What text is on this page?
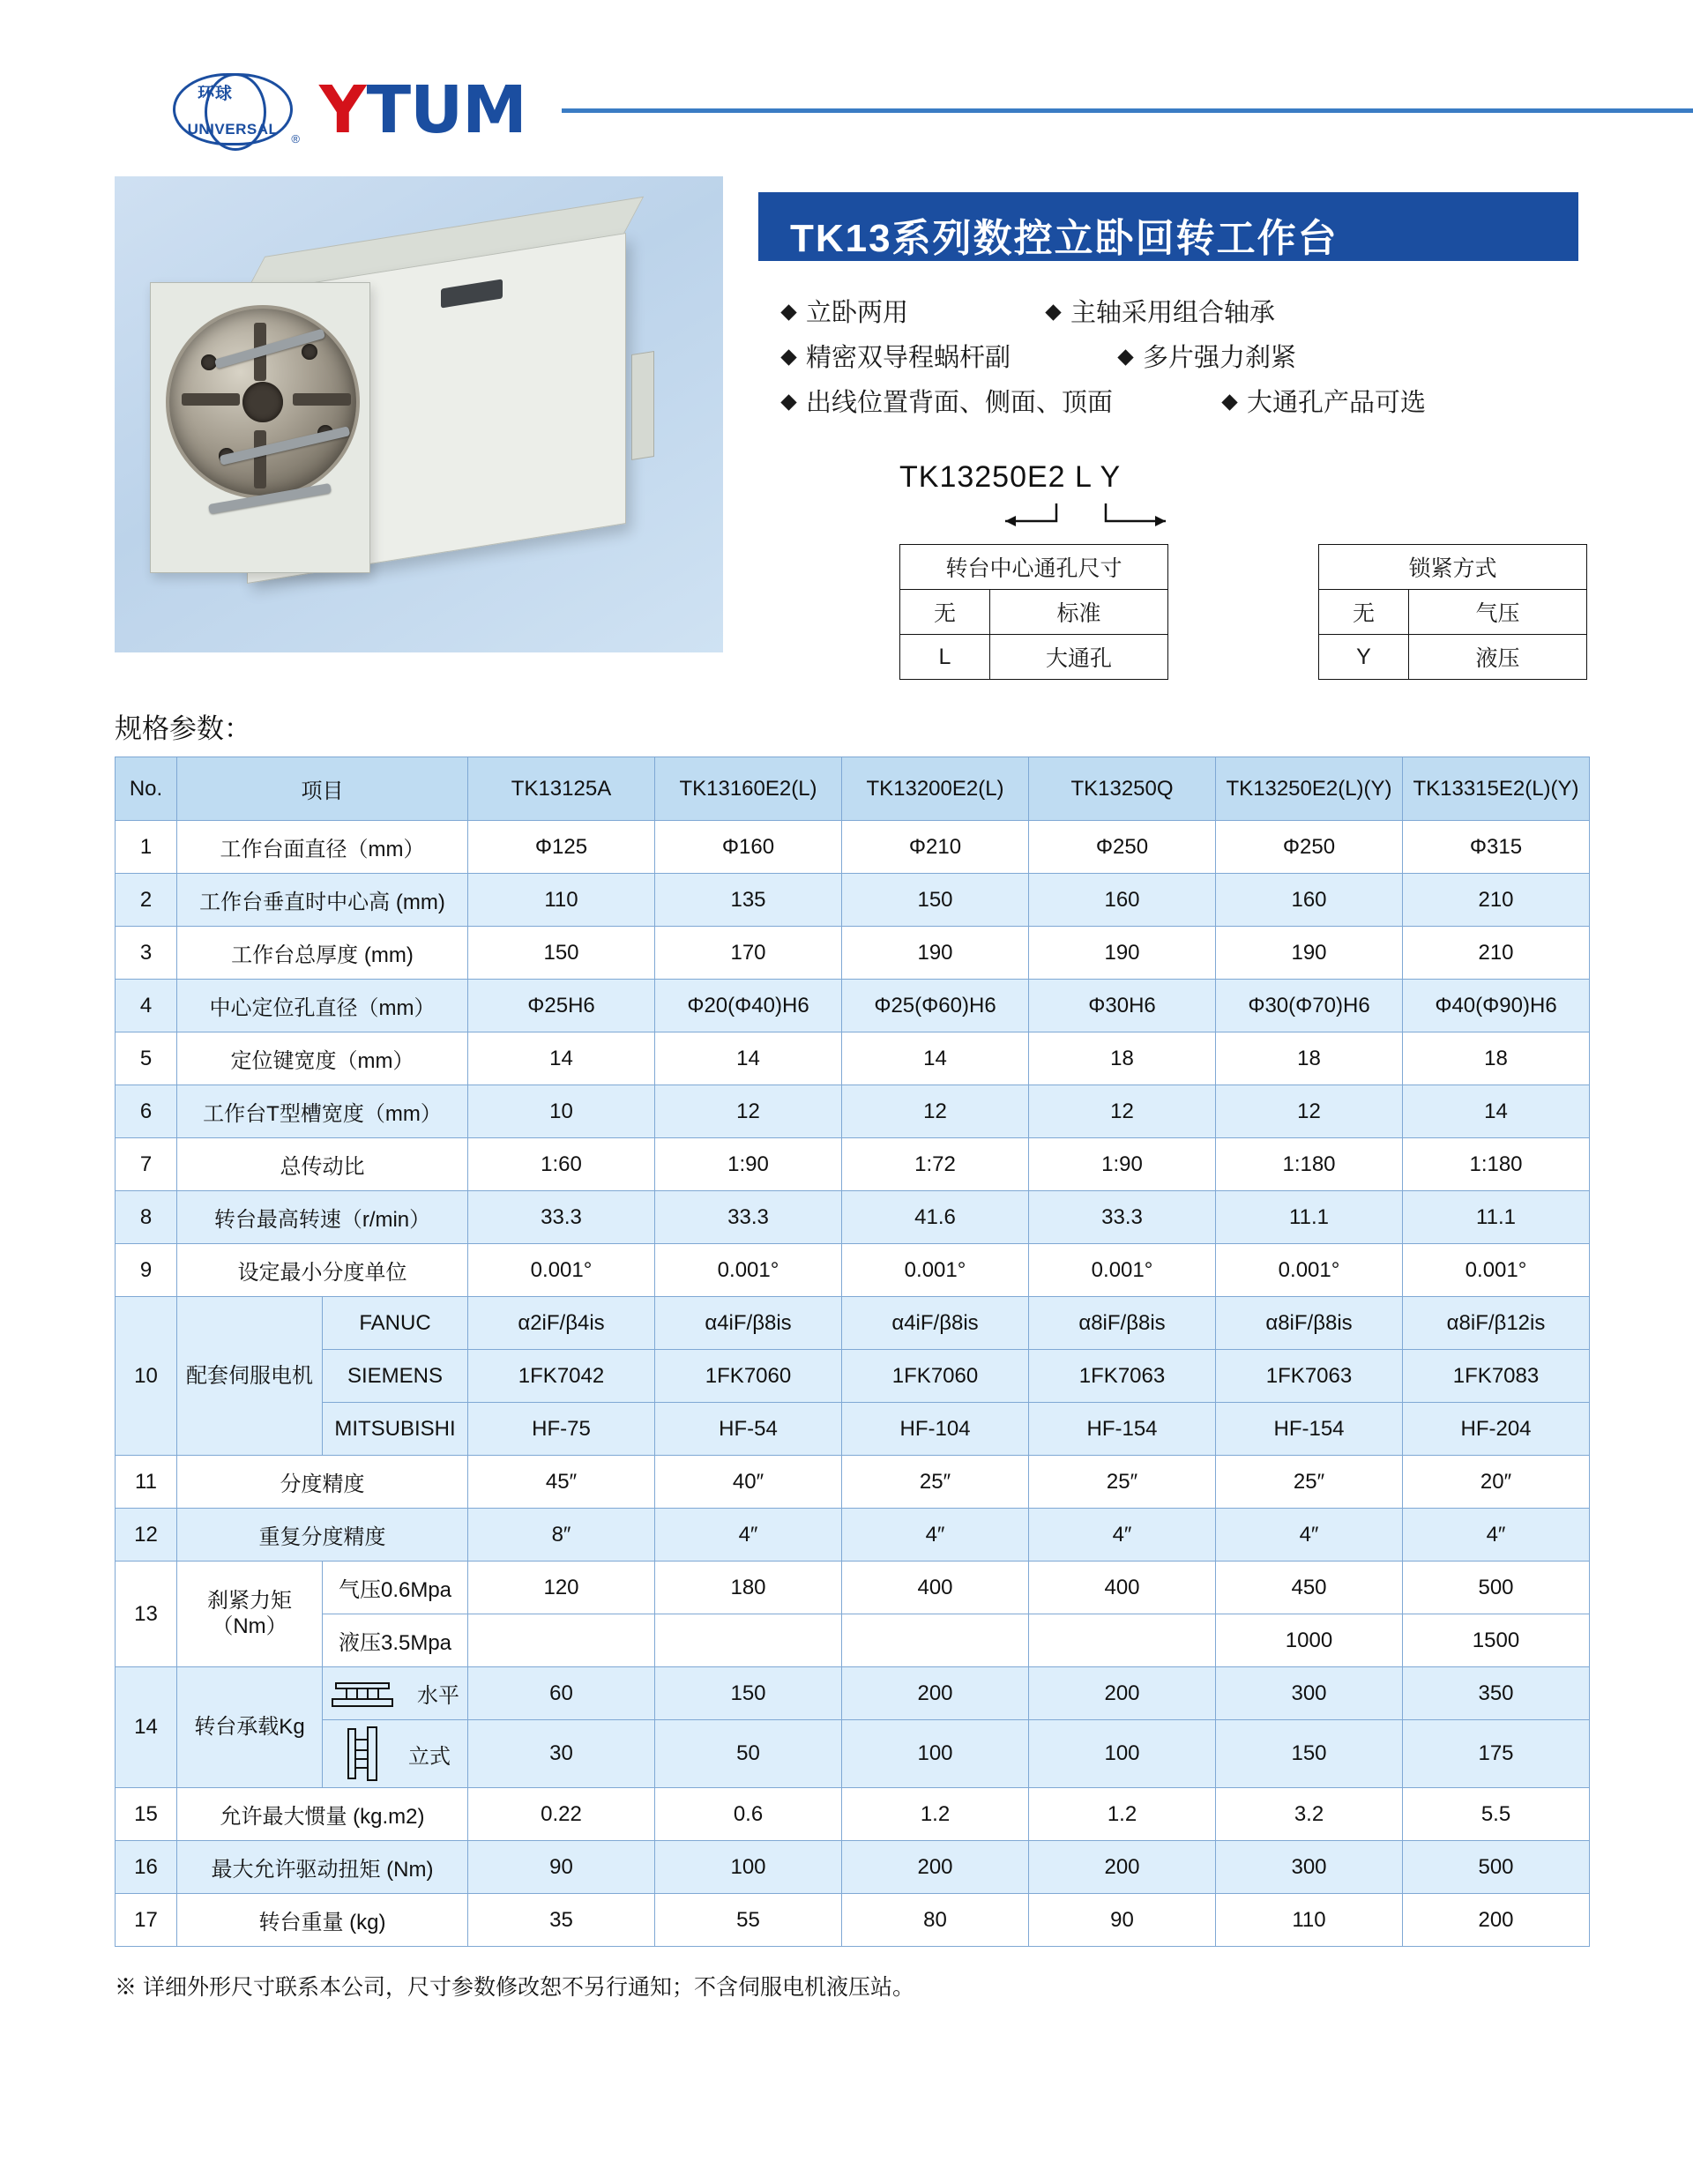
环球
UNIVERSAL
® Y TUM
TK13系列数控立卧回转工作台
立卧两用	主轴采用组合轴承
精密双导程蜗杆副	多片强力刹紧
出线位置背面、侧面、顶面	大通孔产品可选
TK13250E2 L Y
转台中心通孔尺寸	
无	标准
L	大通孔
锁紧方式	
无	气压
Y	液压
规格参数：
No.	项目		TK13125A	TK13160E2(L)	TK13200E2(L)	TK13250Q	TK13250E2(L)(Y)	TK13315E2(L)(Y)
1	工作台面直径（mm）		Φ125	Φ160	Φ210	Φ250	Φ250	Φ315
2	工作台垂直时中心高 (mm)		110	135	150	160	160	210
3	工作台总厚度 (mm)		150	170	190	190	190	210
4	中心定位孔直径（mm）		Φ25H6	Φ20(Φ40)H6	Φ25(Φ60)H6	Φ30H6	Φ30(Φ70)H6	Φ40(Φ90)H6
5	定位键宽度（mm）		14	14	14	18	18	18
6	工作台T型槽宽度（mm）		10	12	12	12	12	14
7	总传动比		1:60	1:90	1:72	1:90	1:180	1:180
8	转台最高转速（r/min）		33.3	33.3	41.6	33.3	11.1	11.1
9	设定最小分度单位		0.001°	0.001°	0.001°	0.001°	0.001°	0.001°
10	配套伺服电机	FANUC	α2iF/β4is	α4iF/β8is	α4iF/β8is	α8iF/β8is	α8iF/β8is	α8iF/β12is
		SIEMENS	1FK7042	1FK7060	1FK7060	1FK7063	1FK7063	1FK7083
		MITSUBISHI	HF-75	HF-54	HF-104	HF-154	HF-154	HF-204
11	分度精度		45″	40″	25″	25″	25″	20″
12	重复分度精度		8″	4″	4″	4″	4″	4″
13	刹紧力矩（Nm）	气压0.6Mpa	120	180	400	400	450	500
		液压3.5Mpa					1000	1500
14	转台承载Kg	水平	60	150	200	200	300	350

		立式	30	50	100	100	150	175
15	允许最大惯量 (kg.m2)		0.22	0.6	1.2	1.2	3.2	5.5
16	最大允许驱动扭矩 (Nm)		90	100	200	200	300	500
17	转台重量 (kg)		35	55	80	90	110	200
※ 详细外形尺寸联系本公司，尺寸参数修改恕不另行通知；不含伺服电机液压站。
